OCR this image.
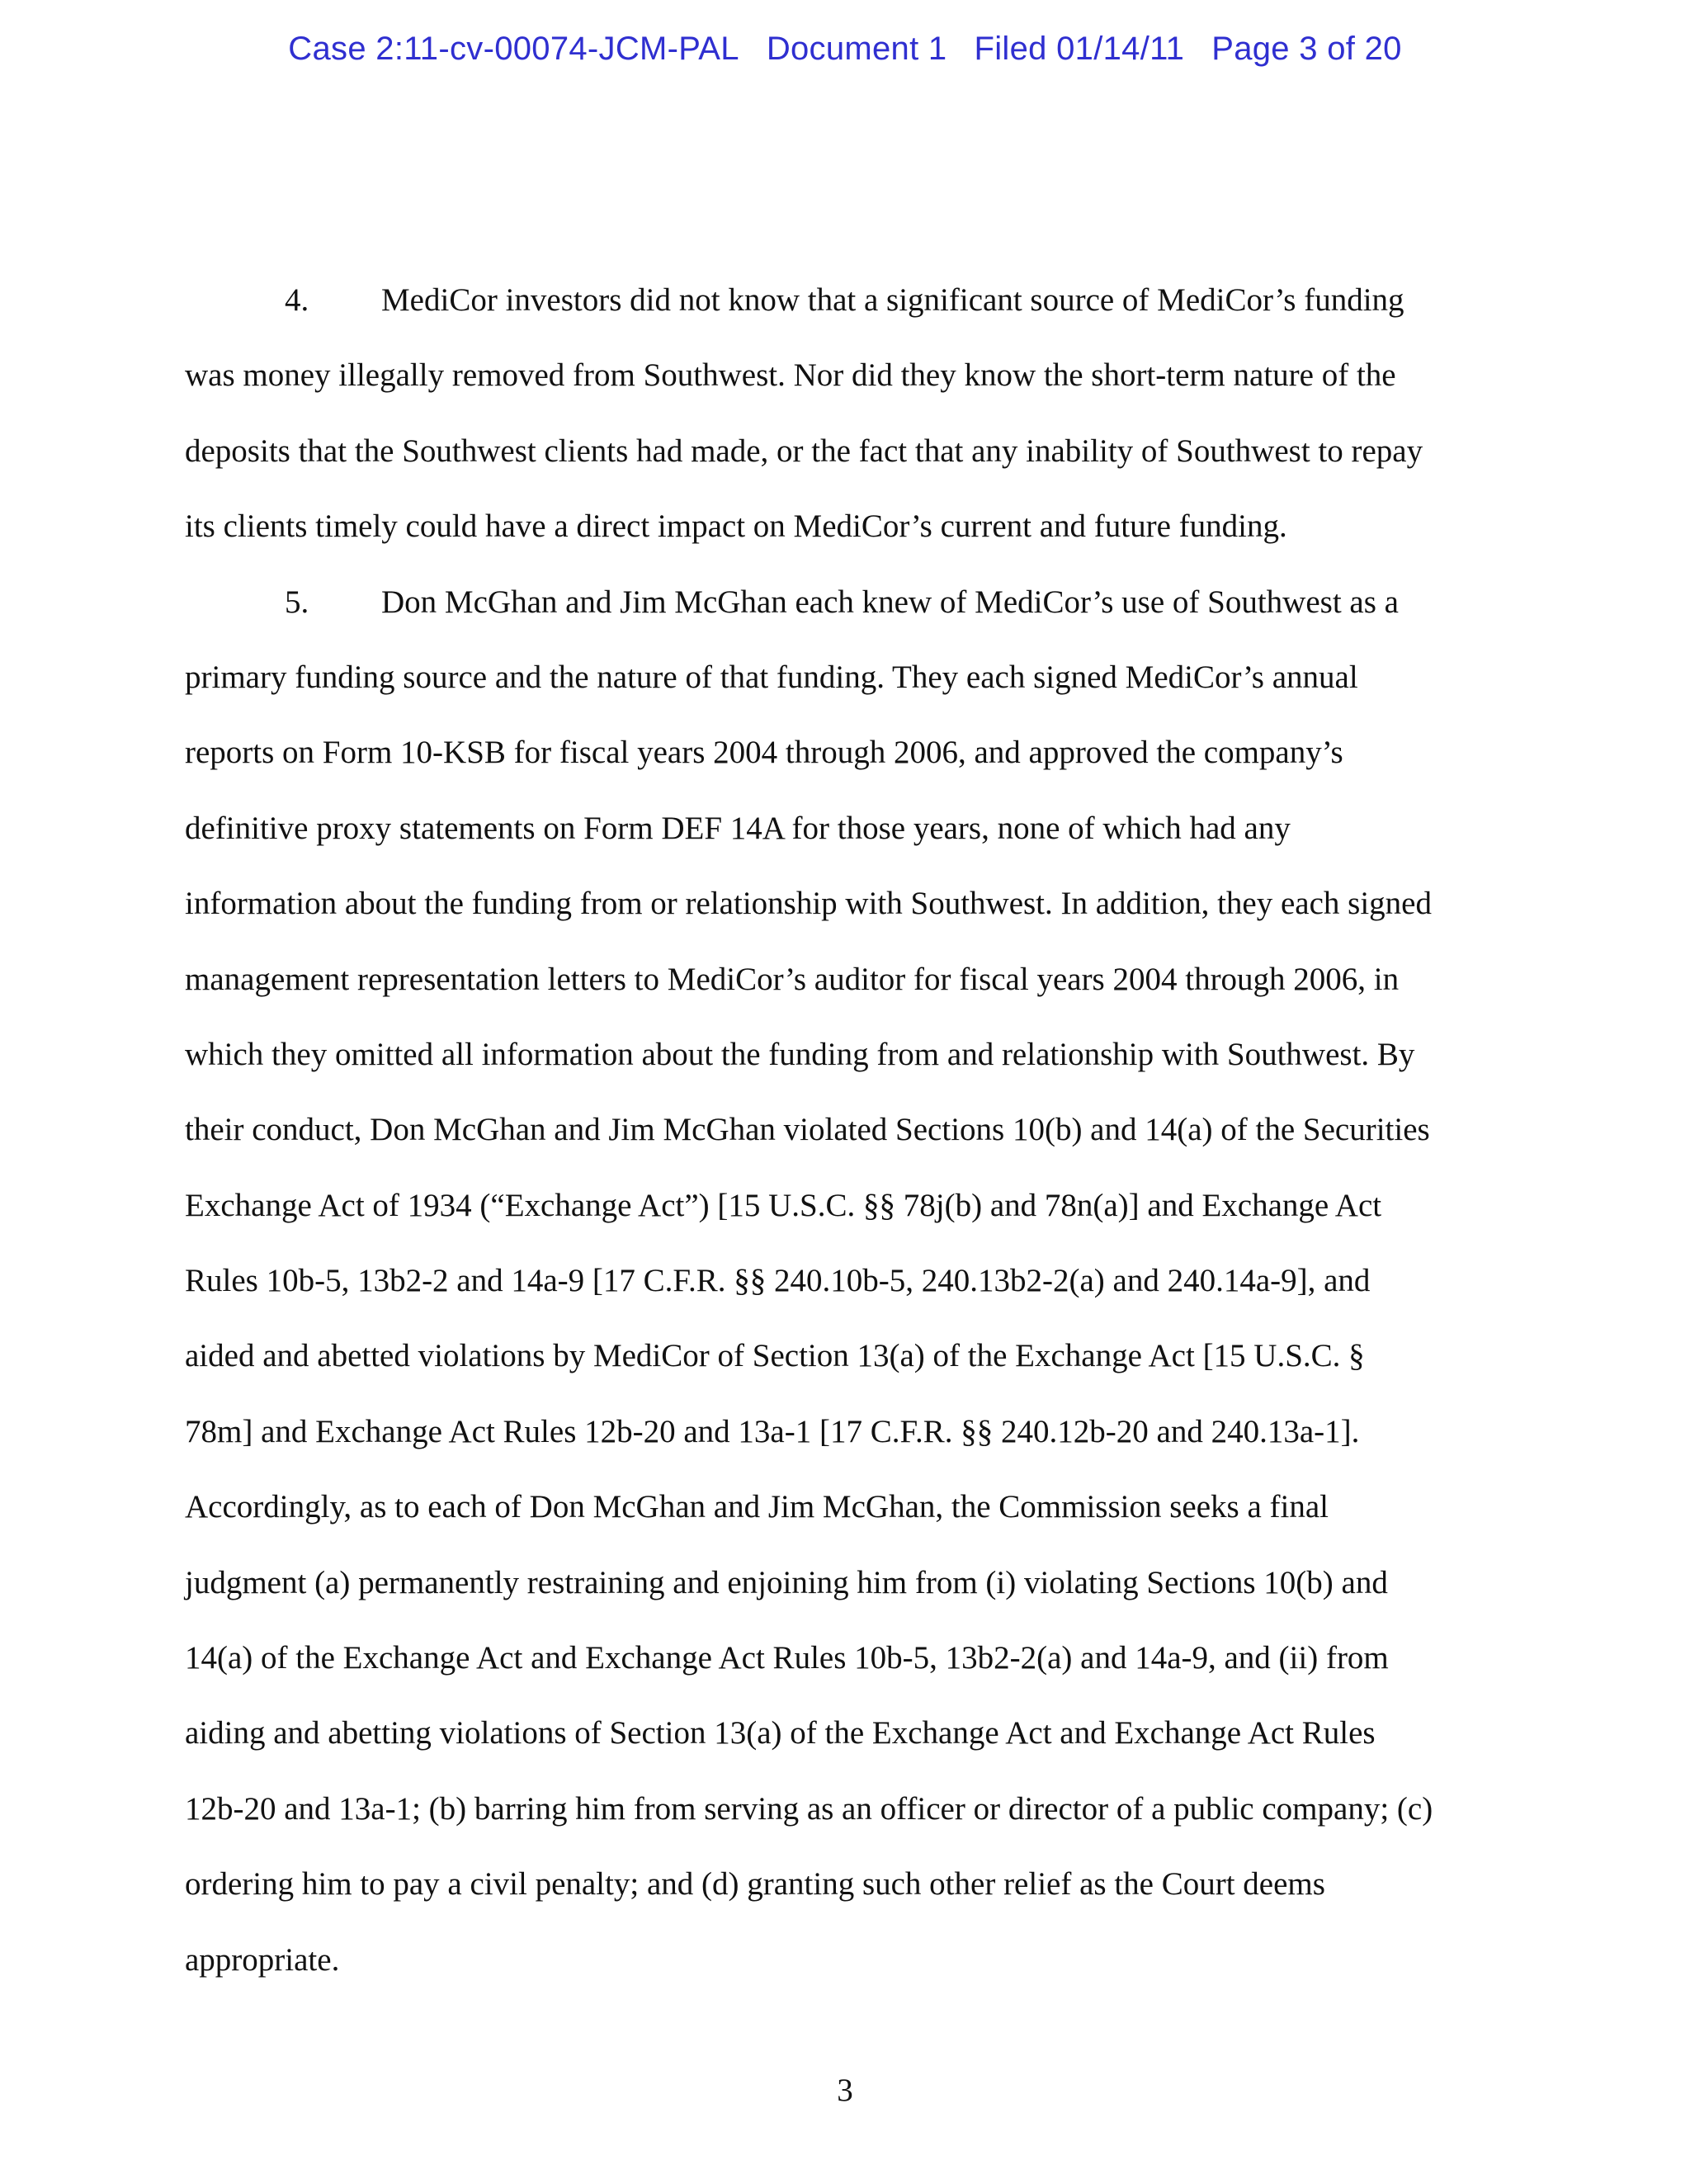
Case 2:11-cv-00074-JCM-PAL Document 1 Filed 01/14/11 Page 3 of 20
4. MediCor investors did not know that a significant source of MediCor’s funding
was money illegally removed from Southwest. Nor did they know the short-term nature of the
deposits that the Southwest clients had made, or the fact that any inability of Southwest to repay
its clients timely could have a direct impact on MediCor’s current and future funding.
5. Don McGhan and Jim McGhan each knew of MediCor’s use of Southwest as a
primary funding source and the nature of that funding. They each signed MediCor’s annual
reports on Form 10-KSB for fiscal years 2004 through 2006, and approved the company’s
definitive proxy statements on Form DEF 14A for those years, none of which had any
information about the funding from or relationship with Southwest. In addition, they each signed
management representation letters to MediCor’s auditor for fiscal years 2004 through 2006, in
which they omitted all information about the funding from and relationship with Southwest. By
their conduct, Don McGhan and Jim McGhan violated Sections 10(b) and 14(a) of the Securities
Exchange Act of 1934 (“Exchange Act”) [15 U.S.C. §§ 78j(b) and 78n(a)] and Exchange Act
Rules 10b-5, 13b2-2 and 14a-9 [17 C.F.R. §§ 240.10b-5, 240.13b2-2(a) and 240.14a-9], and
aided and abetted violations by MediCor of Section 13(a) of the Exchange Act [15 U.S.C. §
78m] and Exchange Act Rules 12b-20 and 13a-1 [17 C.F.R. §§ 240.12b-20 and 240.13a-1].
Accordingly, as to each of Don McGhan and Jim McGhan, the Commission seeks a final
judgment (a) permanently restraining and enjoining him from (i) violating Sections 10(b) and
14(a) of the Exchange Act and Exchange Act Rules 10b-5, 13b2-2(a) and 14a-9, and (ii) from
aiding and abetting violations of Section 13(a) of the Exchange Act and Exchange Act Rules
12b-20 and 13a-1; (b) barring him from serving as an officer or director of a public company; (c)
ordering him to pay a civil penalty; and (d) granting such other relief as the Court deems
appropriate.
3
